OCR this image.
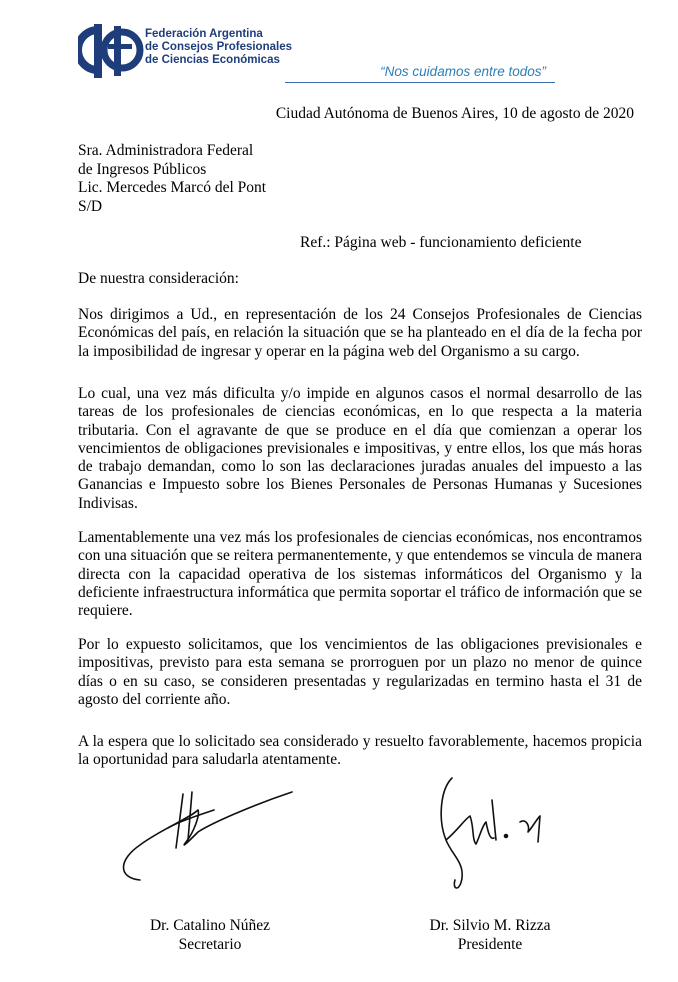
Federación Argentina
de Consejos Profesionales
de Ciencias Económicas
“Nos cuidamos entre todos”
Ciudad Autónoma de Buenos Aires, 10 de agosto de 2020
Sra. Administradora Federal
de Ingresos Públicos
Lic. Mercedes Marcó del Pont
S/D
Ref.: Página web - funcionamiento deficiente
De nuestra consideración:
Nos dirigimos a Ud., en representación de los 24 Consejos Profesionales de Ciencias Económicas del país, en relación la situación que se ha planteado en el día de la fecha por la imposibilidad de ingresar y operar en la página web del Organismo a su cargo.
Lo cual, una vez más dificulta y/o impide en algunos casos el normal desarrollo de las tareas de los profesionales de ciencias económicas, en lo que respecta a la materia tributaria. Con el agravante de que se produce en el día que comienzan a operar los vencimientos de obligaciones previsionales e impositivas, y entre ellos, los que más horas de trabajo demandan, como lo son las declaraciones juradas anuales del impuesto a las Ganancias e Impuesto sobre los Bienes Personales de Personas Humanas y Sucesiones Indivisas.
Lamentablemente una vez más los profesionales de ciencias económicas, nos encontramos con una situación que se reitera permanentemente, y que entendemos se vincula de manera directa con la capacidad operativa de los sistemas informáticos del Organismo y la deficiente infraestructura informática que permita soportar el tráfico de información que se requiere.
Por lo expuesto solicitamos, que los vencimientos de las obligaciones previsionales e impositivas, previsto para esta semana se prorroguen por un plazo no menor de quince días o en su caso, se consideren presentadas y regularizadas en termino hasta el 31 de agosto del corriente año.
A la espera que lo solicitado sea considerado y resuelto favorablemente, hacemos propicia la oportunidad para saludarla atentamente.
Dr. Catalino Núñez
Secretario
Dr. Silvio M. Rizza
Presidente
